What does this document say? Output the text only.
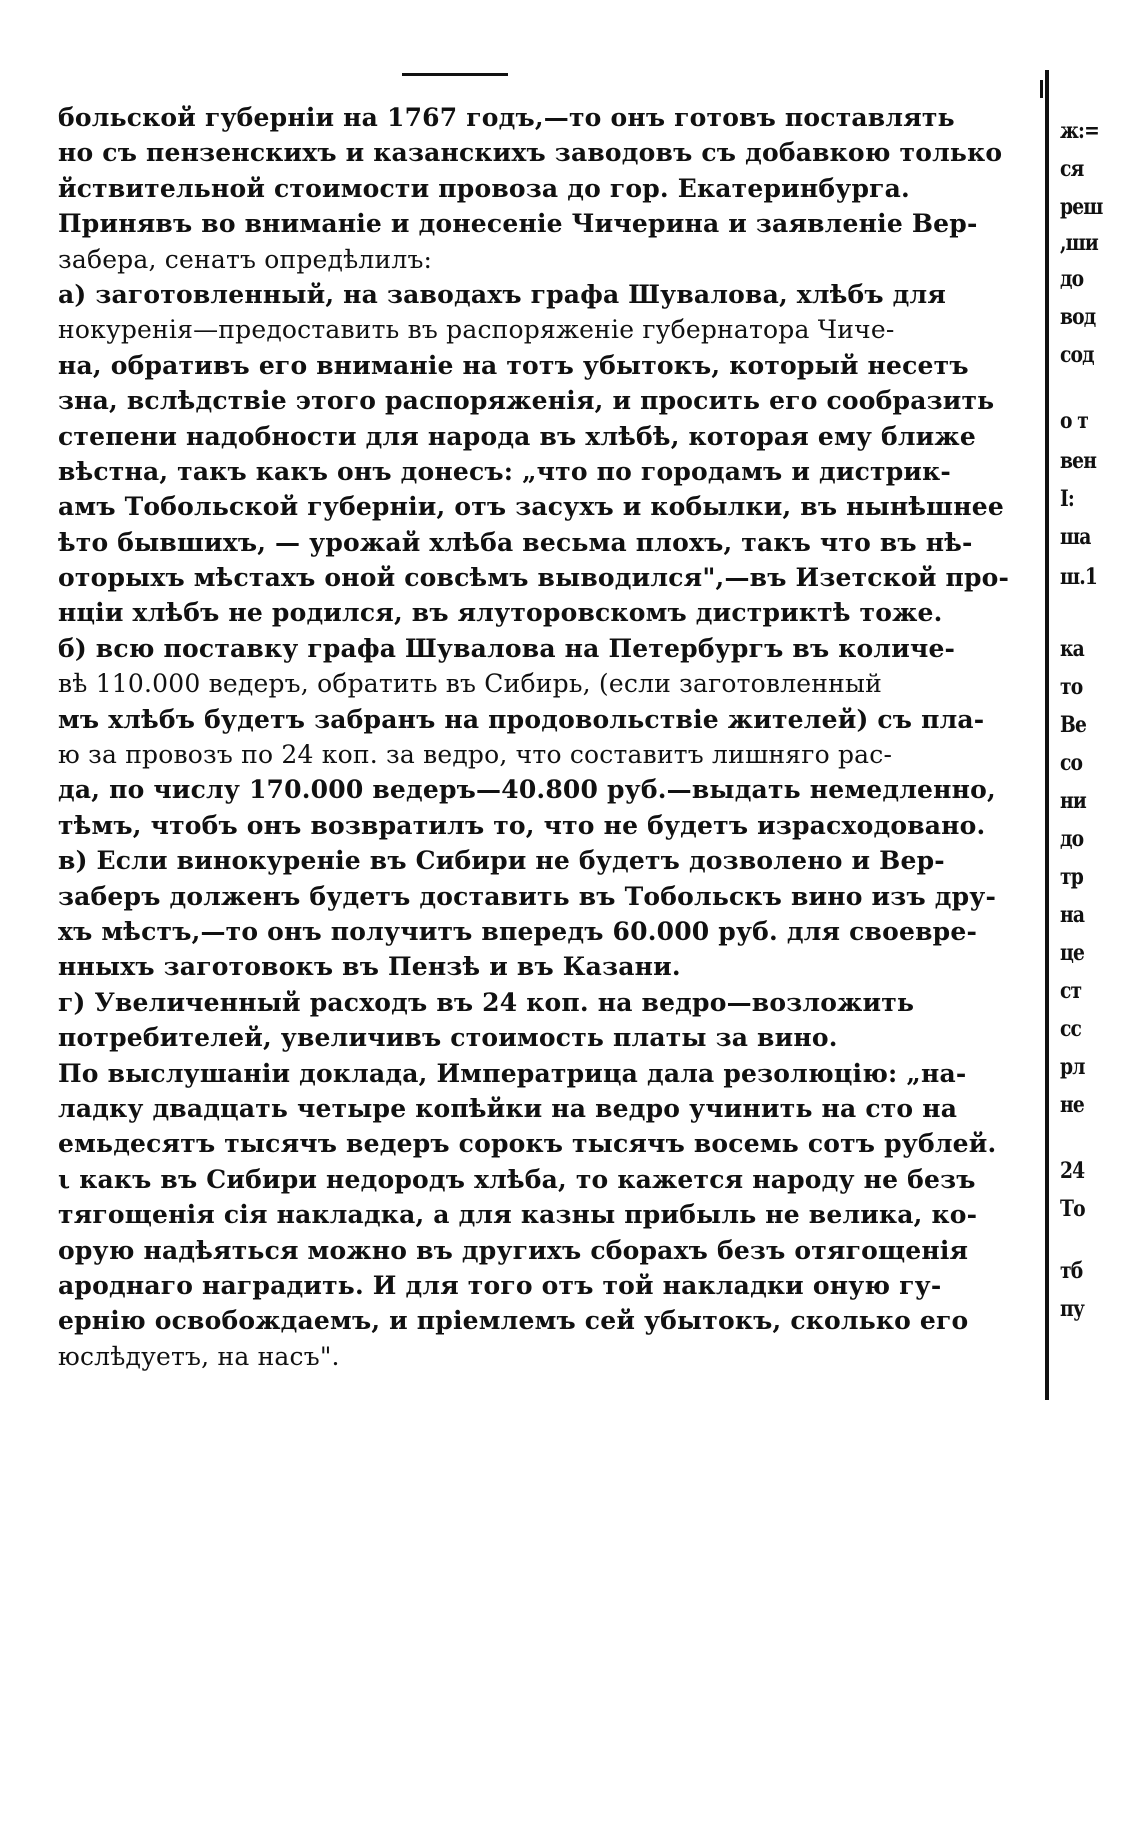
больской губерніи на 1767 годъ,—то онъ готовъ поставлять
но съ пензенскихъ и казанскихъ заводовъ съ добавкою только
йствительной стоимости провоза до гор. Екатеринбурга.
Принявъ во вниманіе и донесеніе Чичерина и заявленіе Вер-
забера, сенатъ опредѣлилъ:
а) заготовленный, на заводахъ графа Шувалова, хлѣбъ для
нокуренія—предоставить въ распоряженіе губернатора Чиче-
на, обративъ его вниманіе на тотъ убытокъ, который несетъ
зна, вслѣдствіе этого распоряженія, и просить его сообразить
степени надобности для народа въ хлѣбѣ, которая ему ближе
вѣстна, такъ какъ онъ донесъ: „что по городамъ и дистрик-
амъ Тобольской губерніи, отъ засухъ и кобылки, въ нынѣшнее
ѣто бывшихъ, — урожай хлѣба весьма плохъ, такъ что въ нѣ-
оторыхъ мѣстахъ оной совсѣмъ выводился",—въ Изетской про-
нціи хлѣбъ не родился, въ ялуторовскомъ дистриктѣ тоже.
б) всю поставку графа Шувалова на Петербургъ въ количе-
вѣ 110.000 ведеръ, обратить въ Сибирь, (если заготовленный
мъ хлѣбъ будетъ забранъ на продовольствіе жителей) съ пла-
ю за провозъ по 24 коп. за ведро, что составитъ лишняго рас-
да, по числу 170.000 ведеръ—40.800 руб.—выдать немедленно,
тѣмъ, чтобъ онъ возвратилъ то, что не будетъ израсходовано.
в) Если винокуреніе въ Сибири не будетъ дозволено и Вер-
заберъ долженъ будетъ доставить въ Тобольскъ вино изъ дру-
хъ мѣстъ,—то онъ получитъ впередъ 60.000 руб. для своевре-
нныхъ заготовокъ въ Пензѣ и въ Казани.
г) Увеличенный расходъ въ 24 коп. на ведро—возложить
потребителей, увеличивъ стоимость платы за вино.
По выслушаніи доклада, Императрица дала резолюцію: „на-
ладку двадцать четыре копѣйки на ведро учинить на сто на
емьдесятъ тысячъ ведеръ сорокъ тысячъ восемь сотъ рублей.
ι какъ въ Сибири недородъ хлѣба, то кажется народу не безъ
тягощенія сія накладка, а для казны прибыль не велика, ко-
орую надѣяться можно въ другихъ сборахъ безъ отягощенія
ароднаго наградить. И для того отъ той накладки оную гу-
ернію освобождаемъ, и пріемлемъ сей убытокъ, сколько его
юслѣдуетъ, на насъ".
ж:=
ся
реш
,ши
до
вод
сод
о т
вен
І:
ша
ш.1
ка
то
Ве
со
ни
до
тр
на
це
ст
сс
рл
не
24
То
тб
пу
